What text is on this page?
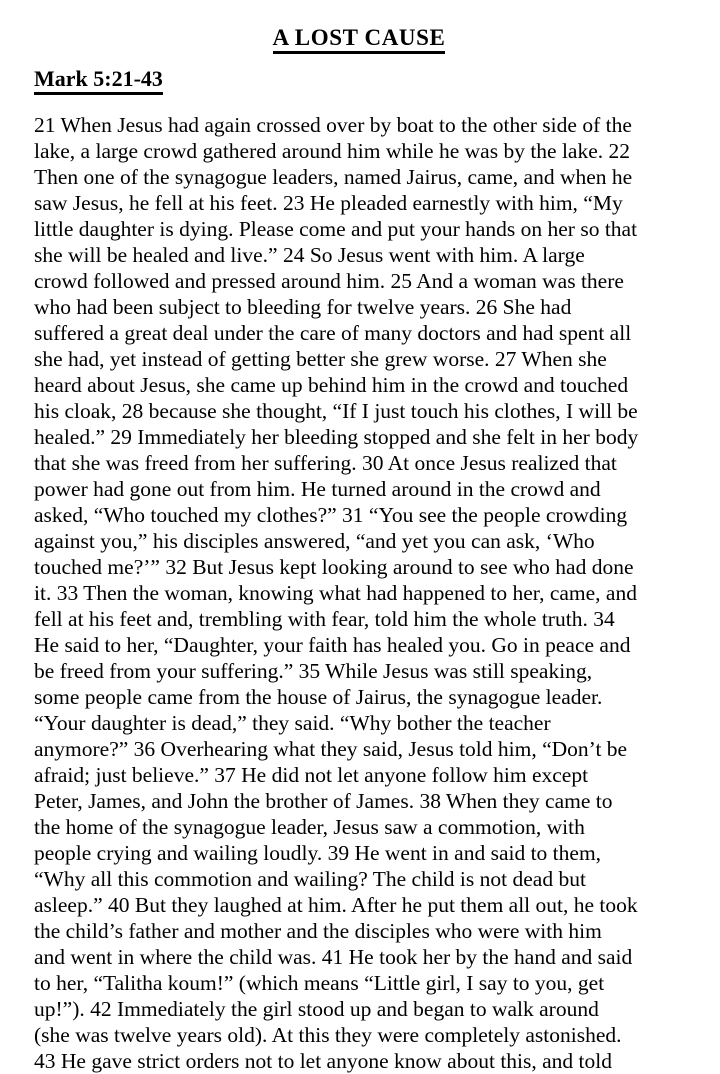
A LOST CAUSE
Mark 5:21-43
21 When Jesus had again crossed over by boat to the other side of the
lake, a large crowd gathered around him while he was by the lake. 22
Then one of the synagogue leaders, named Jairus, came, and when he
saw Jesus, he fell at his feet. 23 He pleaded earnestly with him, “My
little daughter is dying. Please come and put your hands on her so that
she will be healed and live.” 24 So Jesus went with him. A large
crowd followed and pressed around him. 25 And a woman was there
who had been subject to bleeding for twelve years. 26 She had
suffered a great deal under the care of many doctors and had spent all
she had, yet instead of getting better she grew worse. 27 When she
heard about Jesus, she came up behind him in the crowd and touched
his cloak, 28 because she thought, “If I just touch his clothes, I will be
healed.” 29 Immediately her bleeding stopped and she felt in her body
that she was freed from her suffering. 30 At once Jesus realized that
power had gone out from him. He turned around in the crowd and
asked, “Who touched my clothes?” 31 “You see the people crowding
against you,” his disciples answered, “and yet you can ask, ‘Who
touched me?’” 32 But Jesus kept looking around to see who had done
it. 33 Then the woman, knowing what had happened to her, came, and
fell at his feet and, trembling with fear, told him the whole truth. 34
He said to her, “Daughter, your faith has healed you. Go in peace and
be freed from your suffering.” 35 While Jesus was still speaking,
some people came from the house of Jairus, the synagogue leader.
“Your daughter is dead,” they said. “Why bother the teacher
anymore?” 36 Overhearing what they said, Jesus told him, “Don’t be
afraid; just believe.” 37 He did not let anyone follow him except
Peter, James, and John the brother of James. 38 When they came to
the home of the synagogue leader, Jesus saw a commotion, with
people crying and wailing loudly. 39 He went in and said to them,
“Why all this commotion and wailing? The child is not dead but
asleep.” 40 But they laughed at him. After he put them all out, he took
the child’s father and mother and the disciples who were with him
and went in where the child was. 41 He took her by the hand and said
to her, “Talitha koum!” (which means “Little girl, I say to you, get
up!”). 42 Immediately the girl stood up and began to walk around
(she was twelve years old). At this they were completely astonished.
43 He gave strict orders not to let anyone know about this, and told
